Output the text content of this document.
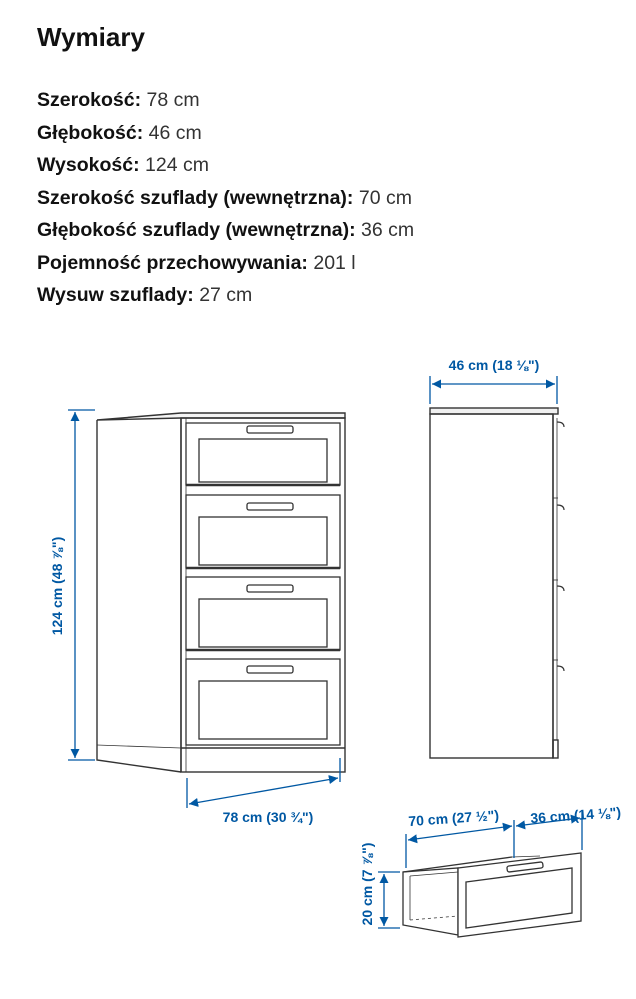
Wymiary
Szerokość: 78 cm
Głębokość: 46 cm
Wysokość: 124 cm
Szerokość szuflady (wewnętrzna): 70 cm
Głębokość szuflady (wewnętrzna): 36 cm
Pojemność przechowywania: 201 l
Wysuw szuflady: 27 cm
124 cm (48 ⅞")
78 cm (30 ¾")
46 cm (18 ⅛")
70 cm (27 ½") 36 cm (14 ⅛")
20 cm (7 ⅞")
